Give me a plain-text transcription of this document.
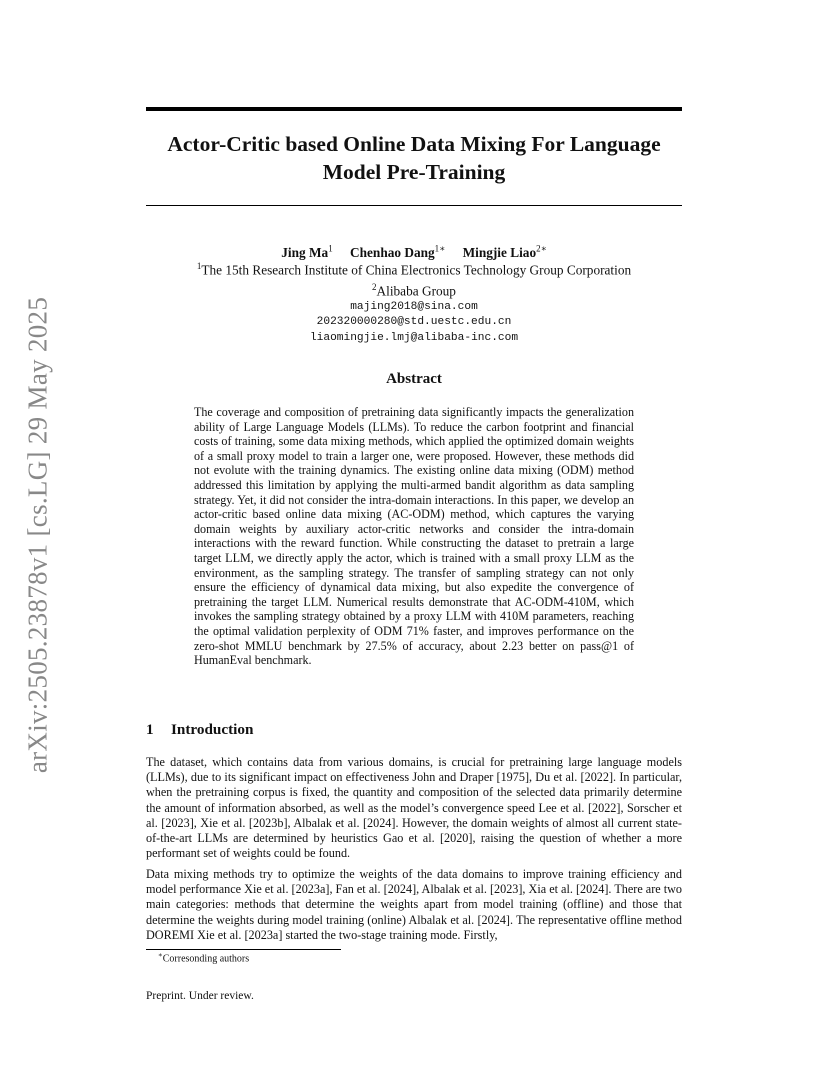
arXiv:2505.23878v1 [cs.LG] 29 May 2025
Actor-Critic based Online Data Mixing For Language
Model Pre-Training
Jing Ma$^1$ Chenhao Dang$^{1∗}$ Mingjie Liao$^{2∗}$
$^1$The 15th Research Institute of China Electronics Technology Group Corporation
$^2$Alibaba Group
majing2018@sina.com
202320000280@std.uestc.edu.cn
liaomingjie.lmj@alibaba-inc.com
Abstract
The coverage and composition of pretraining data significantly impacts the generalization ability of Large Language Models (LLMs). To reduce the carbon footprint and financial costs of training, some data mixing methods, which applied the optimized domain weights of a small proxy model to train a larger one, were proposed. However, these methods did not evolute with the training dynamics. The existing online data mixing (ODM) method addressed this limitation by applying the multi-armed bandit algorithm as data sampling strategy. Yet, it did not consider the intra-domain interactions. In this paper, we develop an actor-critic based online data mixing (AC-ODM) method, which captures the varying domain weights by auxiliary actor-critic networks and consider the intra-domain interactions with the reward function. While constructing the dataset to pretrain a large target LLM, we directly apply the actor, which is trained with a small proxy LLM as the environment, as the sampling strategy. The transfer of sampling strategy can not only ensure the efficiency of dynamical data mixing, but also expedite the convergence of pretraining the target LLM. Numerical results demonstrate that AC-ODM-410M, which invokes the sampling strategy obtained by a proxy LLM with 410M parameters, reaching the optimal validation perplexity of ODM 71% faster, and improves performance on the zero-shot MMLU benchmark by 27.5% of accuracy, about 2.23 better on pass@1 of HumanEval benchmark.
1 Introduction
The dataset, which contains data from various domains, is crucial for pretraining large language models (LLMs), due to its significant impact on effectiveness John and Draper [1975], Du et al. [2022]. In particular, when the pretraining corpus is fixed, the quantity and composition of the selected data primarily determine the amount of information absorbed, as well as the model’s convergence speed Lee et al. [2022], Sorscher et al. [2023], Xie et al. [2023b], Albalak et al. [2024]. However, the domain weights of almost all current state-of-the-art LLMs are determined by heuristics Gao et al. [2020], raising the question of whether a more performant set of weights could be found.
Data mixing methods try to optimize the weights of the data domains to improve training efficiency and model performance Xie et al. [2023a], Fan et al. [2024], Albalak et al. [2023], Xia et al. [2024]. There are two main categories: methods that determine the weights apart from model training (offline) and those that determine the weights during model training (online) Albalak et al. [2024]. The representative offline method DOREMI Xie et al. [2023a] started the two-stage training mode. Firstly,
∗Corresonding authors
Preprint. Under review.
